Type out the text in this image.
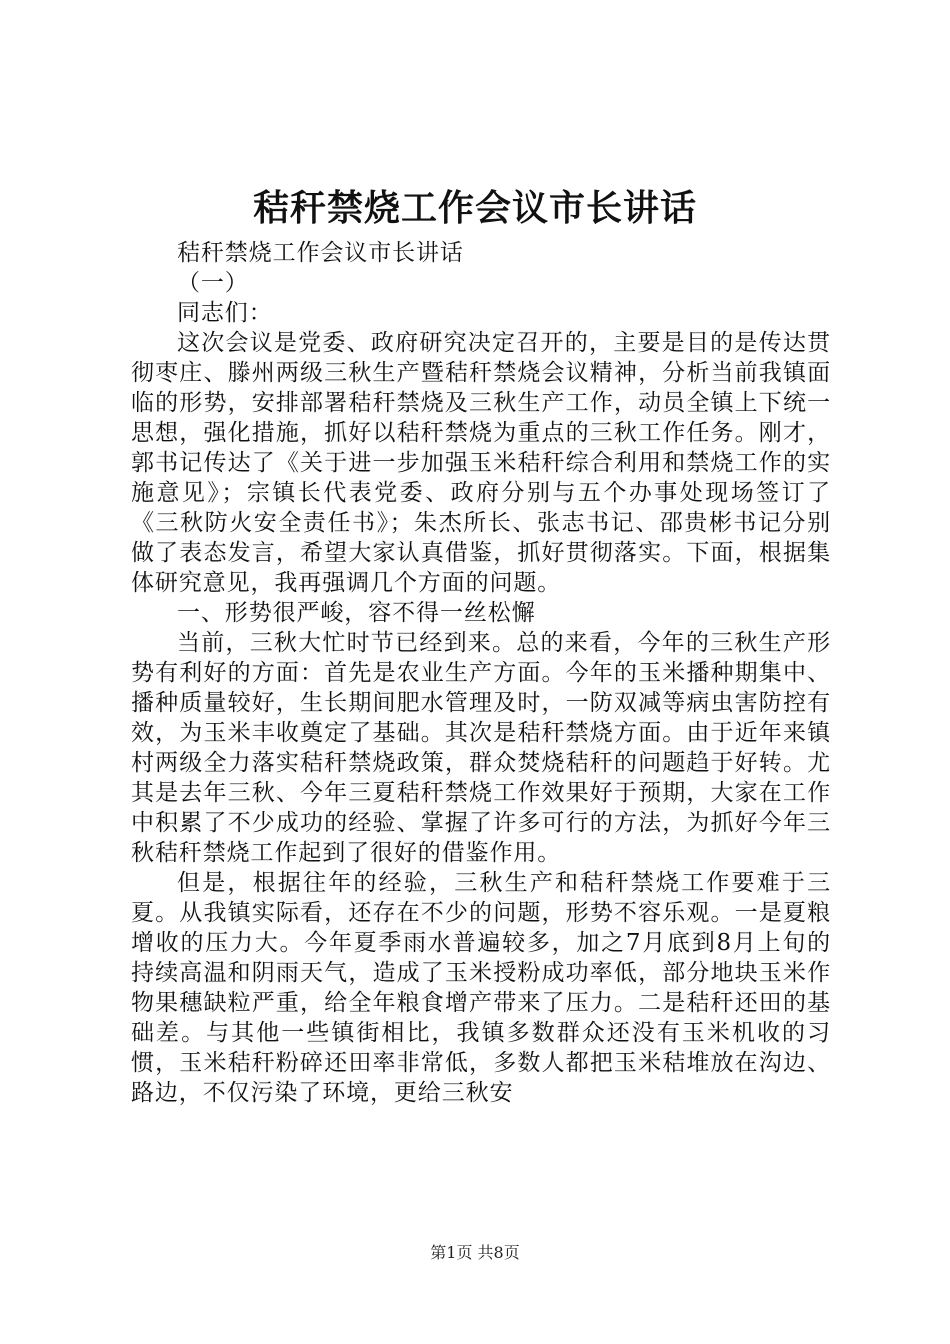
秸秆禁烧工作会议市长讲话

秸秆禁烧工作会议市长讲话

（一）

同志们：

这次会议是党委、政府研究决定召开的，主要是目的是传达贯彻枣庄、滕州两级三秋生产暨秸秆禁烧会议精神，分析当前我镇面临的形势，安排部署秸秆禁烧及三秋生产工作，动员全镇上下统一思想，强化措施，抓好以秸秆禁烧为重点的三秋工作任务。刚才，郭书记传达了《关于进一步加强玉米秸秆综合利用和禁烧工作的实施意见》；宗镇长代表党委、政府分别与五个办事处现场签订了《三秋防火安全责任书》；朱杰所长、张志书记、邵贵彬书记分别做了表态发言，希望大家认真借鉴，抓好贯彻落实。下面，根据集体研究意见，我再强调几个方面的问题。

一、形势很严峻，容不得一丝松懈

当前，三秋大忙时节已经到来。总的来看，今年的三秋生产形势有利好的方面：首先是农业生产方面。今年的玉米播种期集中、播种质量较好，生长期间肥水管理及时，一防双减等病虫害防控有效，为玉米丰收奠定了基础。其次是秸秆禁烧方面。由于近年来镇村两级全力落实秸秆禁烧政策，群众焚烧秸秆的问题趋于好转。尤其是去年三秋、今年三夏秸秆禁烧工作效果好于预期，大家在工作中积累了不少成功的经验、掌握了许多可行的方法，为抓好今年三秋秸秆禁烧工作起到了很好的借鉴作用。

但是，根据往年的经验，三秋生产和秸秆禁烧工作要难于三夏。从我镇实际看，还存在不少的问题，形势不容乐观。一是夏粮增收的压力大。今年夏季雨水普遍较多，加之7月底到8月上旬的持续高温和阴雨天气，造成了玉米授粉成功率低，部分地块玉米作物果穗缺粒严重，给全年粮食增产带来了压力。二是秸秆还田的基础差。与其他一些镇街相比，我镇多数群众还没有玉米机收的习惯，玉米秸秆粉碎还田率非常低，多数人都把玉米秸堆放在沟边、路边，不仅污染了环境，更给三秋安

第1页 共8页
